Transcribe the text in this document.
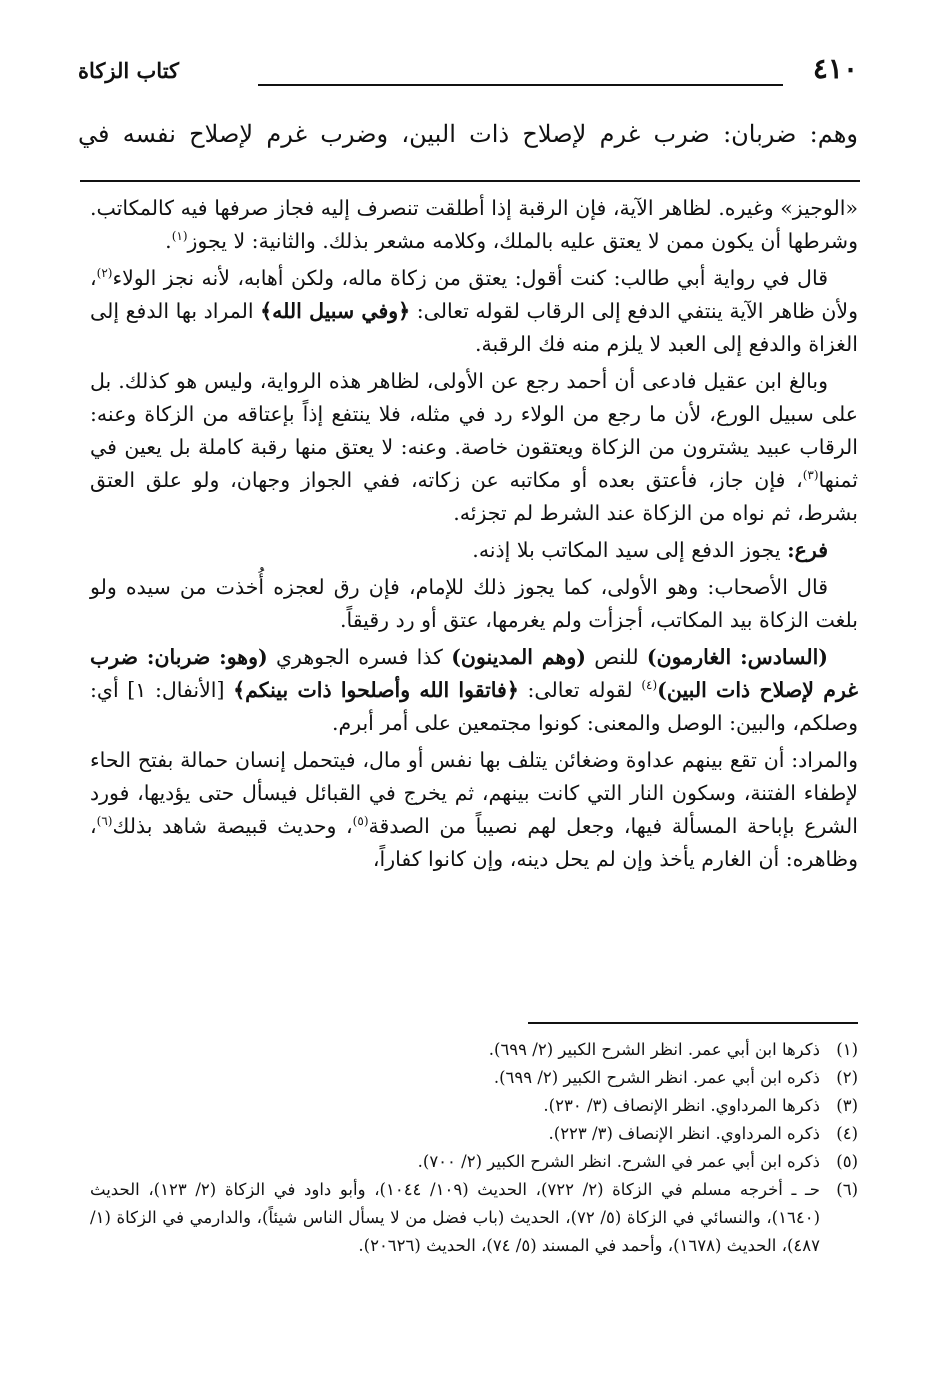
٤١٠
كتاب الزكاة
وهم: ضربان: ضرب غرم لإصلاح ذات البين، وضرب غرم لإصلاح نفسه في

«الوجيز» وغيره. لظاهر الآية، فإن الرقبة إذا أطلقت تنصرف إليه فجاز صرفها فيه كالمكاتب. وشرطها أن يكون ممن لا يعتق عليه بالملك، وكلامه مشعر بذلك. والثانية: لا يجوز$^{(١)}$.

قال في رواية أبي طالب: كنت أقول: يعتق من زكاة ماله، ولكن أهابه، لأنه نجز الولاء$^{(٢)}$، ولأن ظاهر الآية ينتفي الدفع إلى الرقاب لقوله تعالى: ﴿وفي سبيل الله﴾ المراد بها الدفع إلى الغزاة والدفع إلى العبد لا يلزم منه فك الرقبة.

وبالغ ابن عقيل فادعى أن أحمد رجع عن الأولى، لظاهر هذه الرواية، وليس هو كذلك. بل على سبيل الورع، لأن ما رجع من الولاء رد في مثله، فلا ينتفع إذاً بإعتاقه من الزكاة وعنه: الرقاب عبيد يشترون من الزكاة ويعتقون خاصة. وعنه: لا يعتق منها رقبة كاملة بل يعين في ثمنها$^{(٣)}$، فإن جاز، فأعتق بعده أو مكاتبه عن زكاته، ففي الجواز وجهان، ولو علق العتق بشرط، ثم نواه من الزكاة عند الشرط لم تجزئه.

فرع: يجوز الدفع إلى سيد المكاتب بلا إذنه.

قال الأصحاب: وهو الأولى، كما يجوز ذلك للإمام، فإن رق لعجزه أُخذت من سيده ولو بلغت الزكاة بيد المكاتب، أجزأت ولم يغرمها، عتق أو رد رقيقاً.

(السادس: الغارمون) للنص (وهم المدينون) كذا فسره الجوهري (وهو: ضربان: ضرب غرم لإصلاح ذات البين)$^{(٤)}$ لقوله تعالى: ﴿فاتقوا الله وأصلحوا ذات بينكم﴾ [الأنفال: ١] أي: وصلكم، والبين: الوصل والمعنى: كونوا مجتمعين على أمر أبرم.

والمراد: أن تقع بينهم عداوة وضغائن يتلف بها نفس أو مال، فيتحمل إنسان حمالة بفتح الحاء لإطفاء الفتنة، وسكون النار التي كانت بينهم، ثم يخرج في القبائل فيسأل حتى يؤديها، فورد الشرع بإباحة المسألة فيها، وجعل لهم نصيباً من الصدقة$^{(٥)}$، وحديث قبيصة شاهد بذلك$^{(٦)}$، وظاهره: أن الغارم يأخذ وإن لم يحل دينه، وإن كانوا كفاراً،

(١)
ذكرها ابن أبي عمر. انظر الشرح الكبير (٢/ ٦٩٩).
(٢)
ذكره ابن أبي عمر. انظر الشرح الكبير (٢/ ٦٩٩).
(٣)
ذكرها المرداوي. انظر الإنصاف (٣/ ٢٣٠).
(٤)
ذكره المرداوي. انظر الإنصاف (٣/ ٢٢٣).
(٥)
ذكره ابن أبي عمر في الشرح. انظر الشرح الكبير (٢/ ٧٠٠).
(٦)
حـ ـ أخرجه مسلم في الزكاة (٢/ ٧٢٢)، الحديث (١٠٩/ ١٠٤٤)، وأبو داود في الزكاة (٢/ ١٢٣)، الحديث (١٦٤٠)، والنسائي في الزكاة (٥/ ٧٢)، الحديث (باب فضل من لا يسأل الناس شيئاً)، والدارمي في الزكاة (١/ ٤٨٧)، الحديث (١٦٧٨)، وأحمد في المسند (٥/ ٧٤)، الحديث (٢٠٦٢٦).
